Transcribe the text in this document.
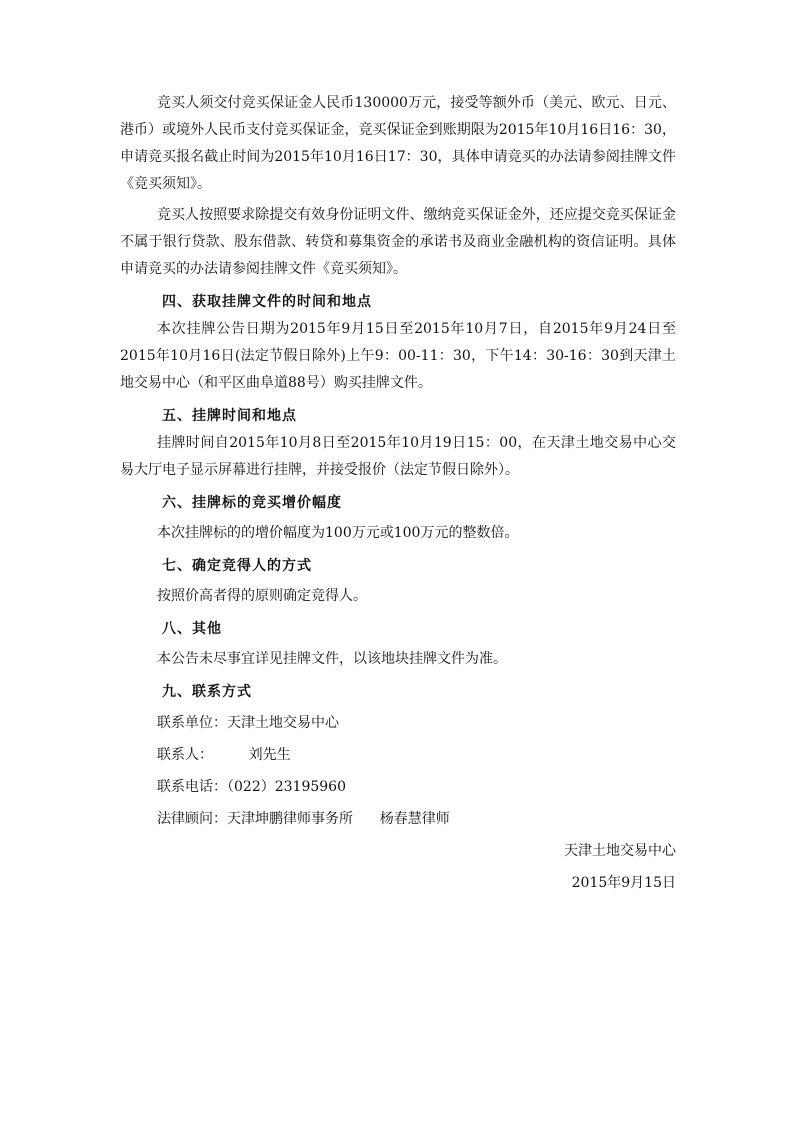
竞买人须交付竞买保证金人民币130000万元，接受等额外币（美元、欧元、日元、港币）或境外人民币支付竞买保证金，竞买保证金到账期限为2015年10月16日16：30，申请竞买报名截止时间为2015年10月16日17：30，具体申请竞买的办法请参阅挂牌文件《竞买须知》。

竞买人按照要求除提交有效身份证明文件、缴纳竞买保证金外，还应提交竞买保证金不属于银行贷款、股东借款、转贷和募集资金的承诺书及商业金融机构的资信证明。具体申请竞买的办法请参阅挂牌文件《竞买须知》。

四、获取挂牌文件的时间和地点

本次挂牌公告日期为2015年9月15日至2015年10月7日，自2015年9月24日至2015年10月16日(法定节假日除外)上午9：00-11：30，下午14：30-16：30到天津土地交易中心（和平区曲阜道88号）购买挂牌文件。

五、挂牌时间和地点

挂牌时间自2015年10月8日至2015年10月19日15：00，在天津土地交易中心交易大厅电子显示屏幕进行挂牌，并接受报价（法定节假日除外）。

六、挂牌标的竞买增价幅度

本次挂牌标的的增价幅度为100万元或100万元的整数倍。

七、确定竞得人的方式

按照价高者得的原则确定竞得人。

八、其他

本公告未尽事宜详见挂牌文件，以该地块挂牌文件为准。

九、联系方式

联系单位：天津土地交易中心

联系人：        刘先生

联系电话：（022）23195960

法律顾问：天津坤鹏律师事务所      杨春慧律师

天津土地交易中心

2015年9月15日
